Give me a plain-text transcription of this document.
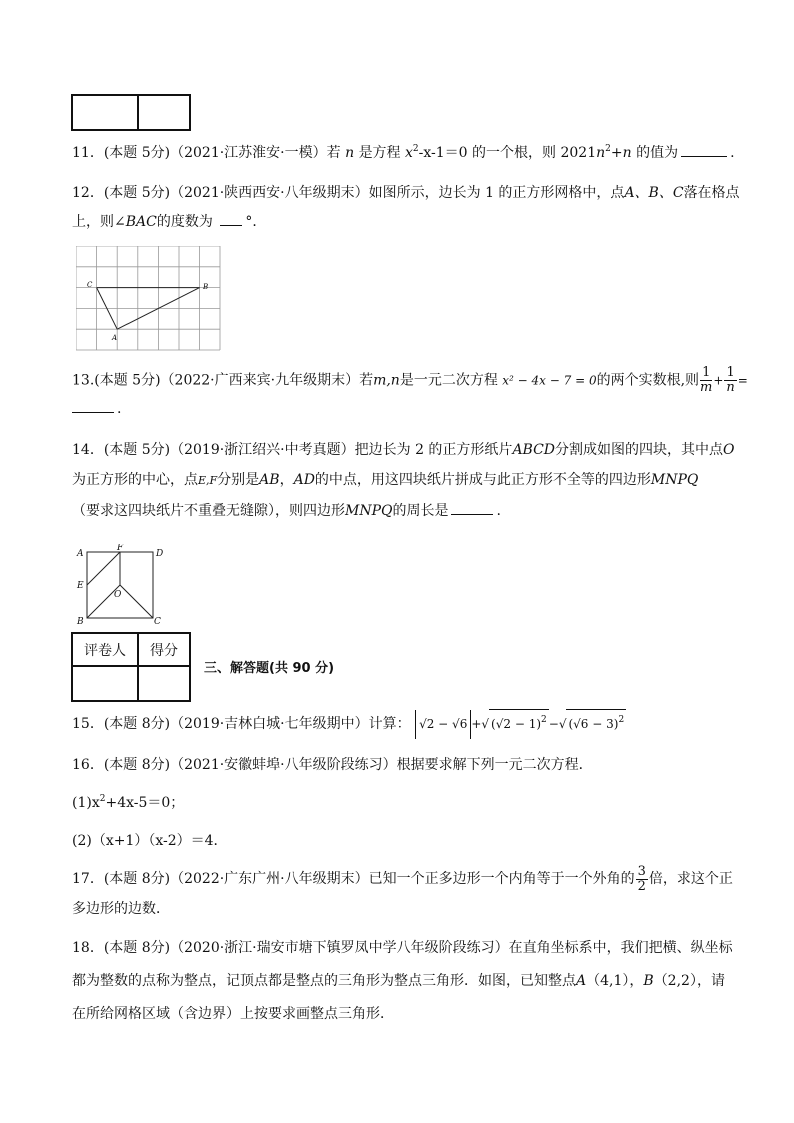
11．(本题 5分)（2021·江苏淮安·一模）若 n 是方程 $x^2-x-1=0$ 的一个根，则 $2021n^2+n$ 的值为	.
12．(本题 5分)（2021·陕西西安·八年级期末）如图所示，边长为 1 的正方形网格中，点A、B、C落在格点
上，则∠BAC的度数为 °．
C	B
A
13.(本题 5分)（2022·广西来宾·九年级期末）若m,n是一元二次方程 x² − 4x − 7 = 0的两个实数根,则 $\frac{1}{m} + \frac{1}{n}$ =
.
14．(本题 5分)（2019·浙江绍兴·中考真题）把边长为 2 的正方形纸片ABCD分割成如图的四块，其中点O
为正方形的中心，点E,F分别是AB，AD的中点，用这四块纸片拼成与此正方形不全等的四边形MNPQ
（要求这四块纸片不重叠无缝隙），则四边形MNPQ的周长是	.
A
F
D
E
O
B	C
评卷人	得分

三、解答题(共 90 分)
15．(本题 8分)（2019·吉林白城·七年级期中）计算： √2 − √6 +√ $(√2 - 1)^2$ −√ $(√6 - 3)^2$
16．(本题 8分)（2021·安徽蚌埠·八年级阶段练习）根据要求解下列一元二次方程．
$(1)x^2+4x-5=0$；
(2)（x+1）（x-2）＝4．
17．(本题 8分)（2022·广东广州·八年级期末）已知一个正多边形一个内角等于一个外角的 $\frac{3}{2}$ 倍，求这个正
多边形的边数．
18．(本题 8分)（2020·浙江·瑞安市塘下镇罗凤中学八年级阶段练习）在直角坐标系中，我们把横、纵坐标
都为整数的点称为整点，记顶点都是整点的三角形为整点三角形．如图，已知整点A（4,1），B（2,2），请
在所给网格区域（含边界）上按要求画整点三角形．
